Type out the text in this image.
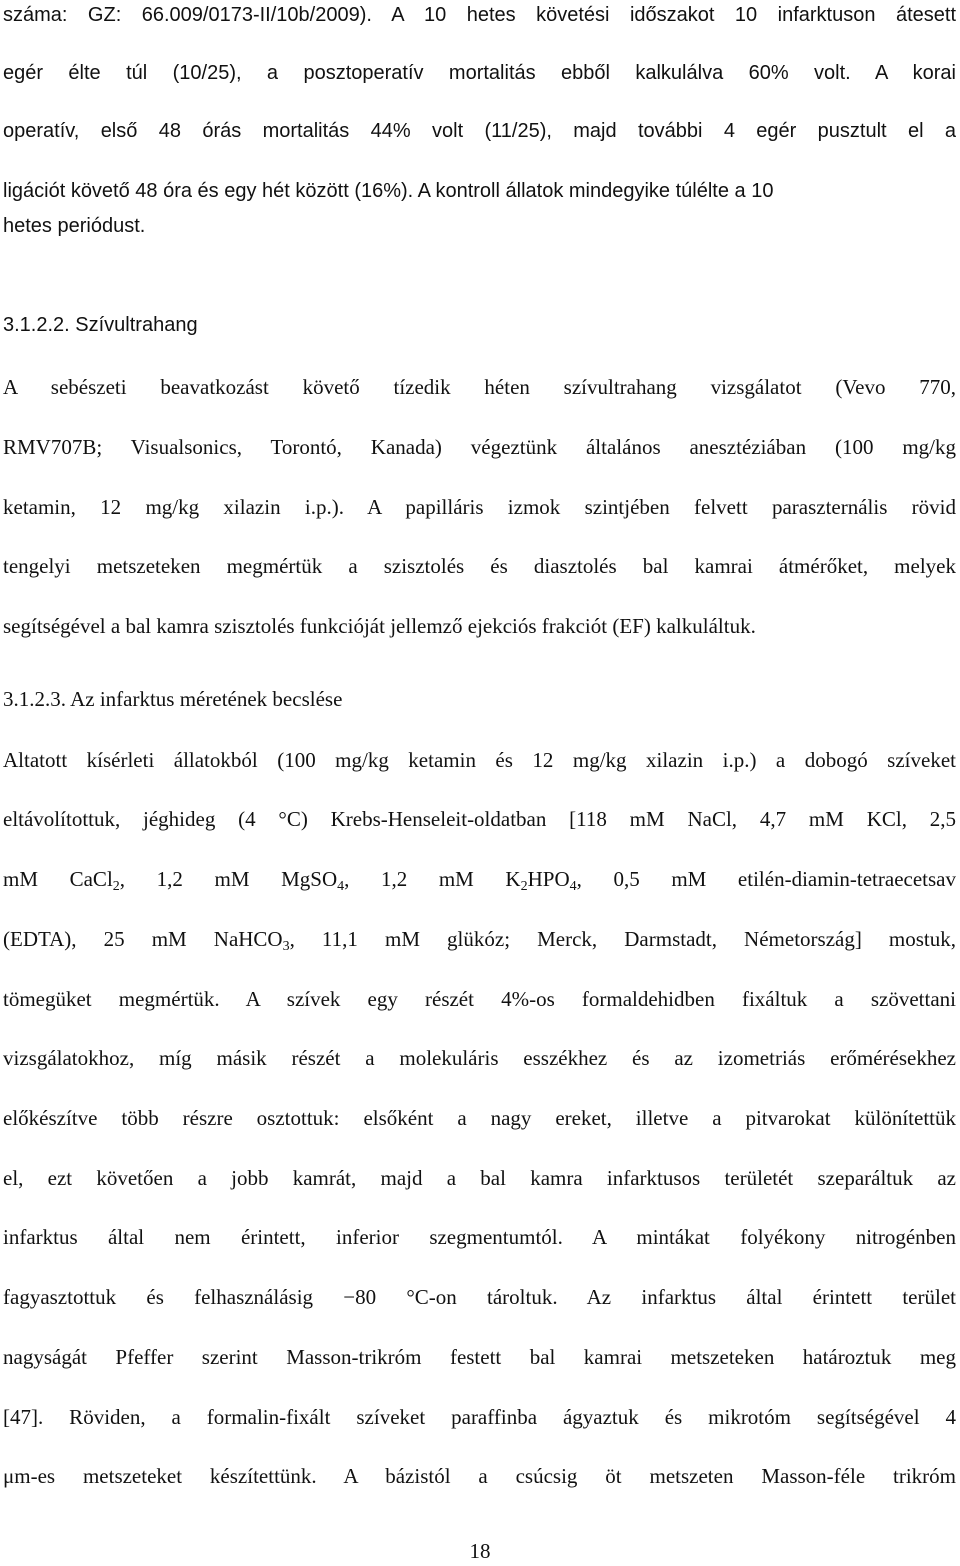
száma: GZ: 66.009/0173-II/10b/2009). A 10 hetes követési időszakot 10 infarktuson átesett

egér élte túl (10/25), a posztoperatív mortalitás ebből kalkulálva 60% volt. A korai

operatív, első 48 órás mortalitás 44% volt (11/25), majd további 4 egér pusztult el a

ligációt követő 48 óra és egy hét között (16%). A kontroll állatok mindegyike túlélte a 10

hetes periódust.

3.1.2.2. Szívultrahang

A sebészeti beavatkozást követő tízedik héten szívultrahang vizsgálatot (Vevo 770,

RMV707B; Visualsonics, Torontó, Kanada) végeztünk általános anesztéziában (100 mg/kg

ketamin, 12 mg/kg xilazin i.p.). A papilláris izmok szintjében felvett paraszternális rövid

tengelyi metszeteken megmértük a szisztolés és diasztolés bal kamrai átmérőket, melyek

segítségével a bal kamra szisztolés funkcióját jellemző ejekciós frakciót (EF) kalkuláltuk.

3.1.2.3. Az infarktus méretének becslése

Altatott kísérleti állatokból (100 mg/kg ketamin és 12 mg/kg xilazin i.p.) a dobogó szíveket

eltávolítottuk, jéghideg (4 °C) Krebs-Henseleit-oldatban [118 mM NaCl, 4,7 mM KCl, 2,5

mM CaCl$_2$, 1,2 mM MgSO$_4$, 1,2 mM $K_2HPO_4$, 0,5 mM etilén-diamin-tetraecetsav

(EDTA), 25 mM NaHCO$_3$, 11,1 mM glükóz; Merck, Darmstadt, Németország] mostuk,

tömegüket megmértük. A szívek egy részét 4%-os formaldehidben fixáltuk a szövettani

vizsgálatokhoz, míg másik részét a molekuláris esszékhez és az izometriás erőmérésekhez

előkészítve több részre osztottuk: elsőként a nagy ereket, illetve a pitvarokat különítettük

el, ezt követően a jobb kamrát, majd a bal kamra infarktusos területét szeparáltuk az

infarktus által nem érintett, inferior szegmentumtól. A mintákat folyékony nitrogénben

fagyasztottuk és felhasználásig −80 °C-on tároltuk. Az infarktus által érintett terület

nagyságát Pfeffer szerint Masson-trikróm festett bal kamrai metszeteken határoztuk meg

[47]. Röviden, a formalin-fixált szíveket paraffinba ágyaztuk és mikrotóm segítségével 4

μm-es metszeteket készítettünk. A bázistól a csúcsig öt metszeten Masson-féle trikróm

18
